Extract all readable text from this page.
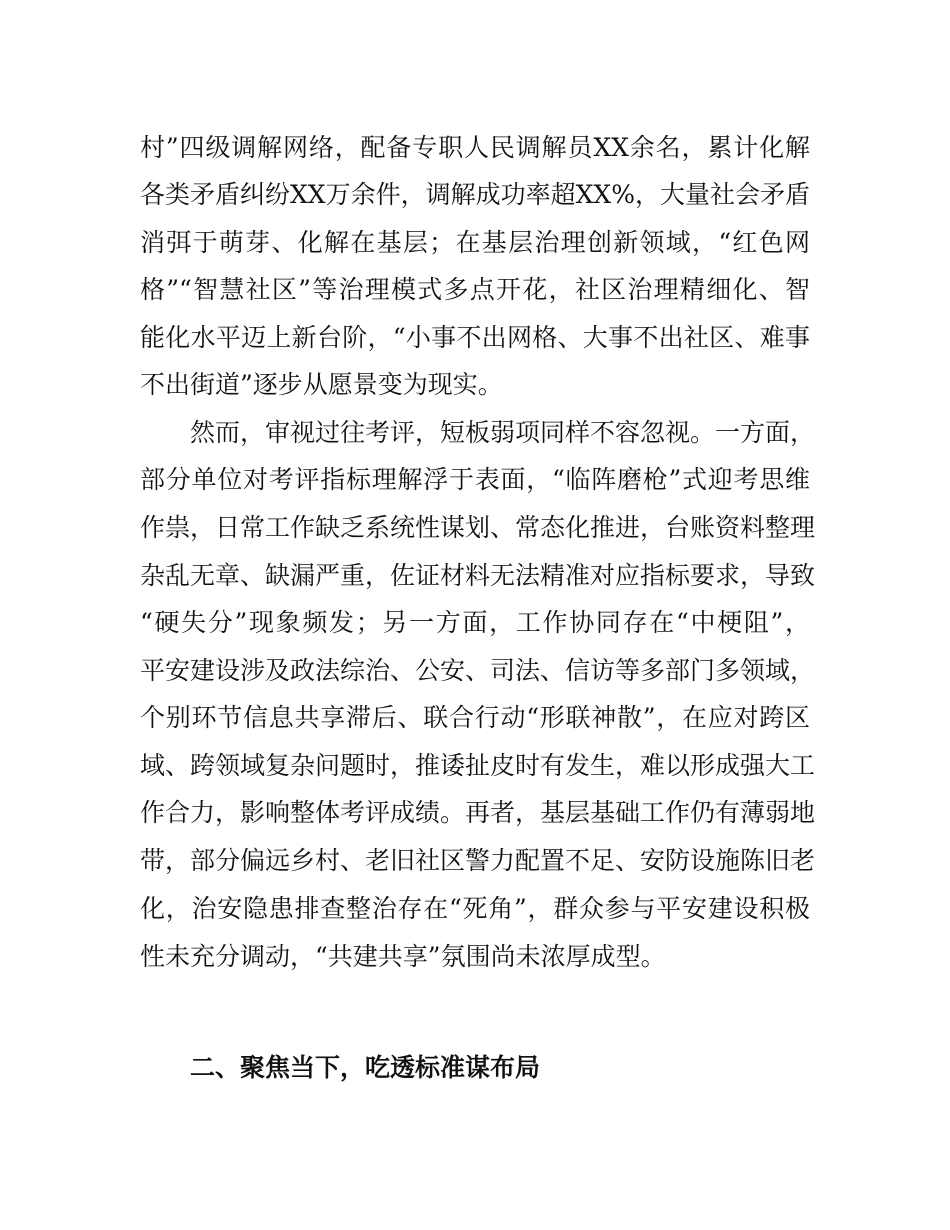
村”四级调解网络，配备专职人民调解员XX余名，累计化解
各类矛盾纠纷XX万余件，调解成功率超XX%，大量社会矛盾
消弭于萌芽、化解在基层；在基层治理创新领域，“红色网
格”“智慧社区”等治理模式多点开花，社区治理精细化、智
能化水平迈上新台阶，“小事不出网格、大事不出社区、难事
不出街道”逐步从愿景变为现实。
然而，审视过往考评，短板弱项同样不容忽视。一方面，
部分单位对考评指标理解浮于表面，“临阵磨枪”式迎考思维
作祟，日常工作缺乏系统性谋划、常态化推进，台账资料整理
杂乱无章、缺漏严重，佐证材料无法精准对应指标要求，导致
“硬失分”现象频发；另一方面，工作协同存在“中梗阻”，
平安建设涉及政法综治、公安、司法、信访等多部门多领域，
个别环节信息共享滞后、联合行动“形联神散”，在应对跨区
域、跨领域复杂问题时，推诿扯皮时有发生，难以形成强大工
作合力，影响整体考评成绩。再者，基层基础工作仍有薄弱地
带，部分偏远乡村、老旧社区警力配置不足、安防设施陈旧老
化，治安隐患排查整治存在“死角”，群众参与平安建设积极
性未充分调动，“共建共享”氛围尚未浓厚成型。
二、聚焦当下，吃透标准谋布局
